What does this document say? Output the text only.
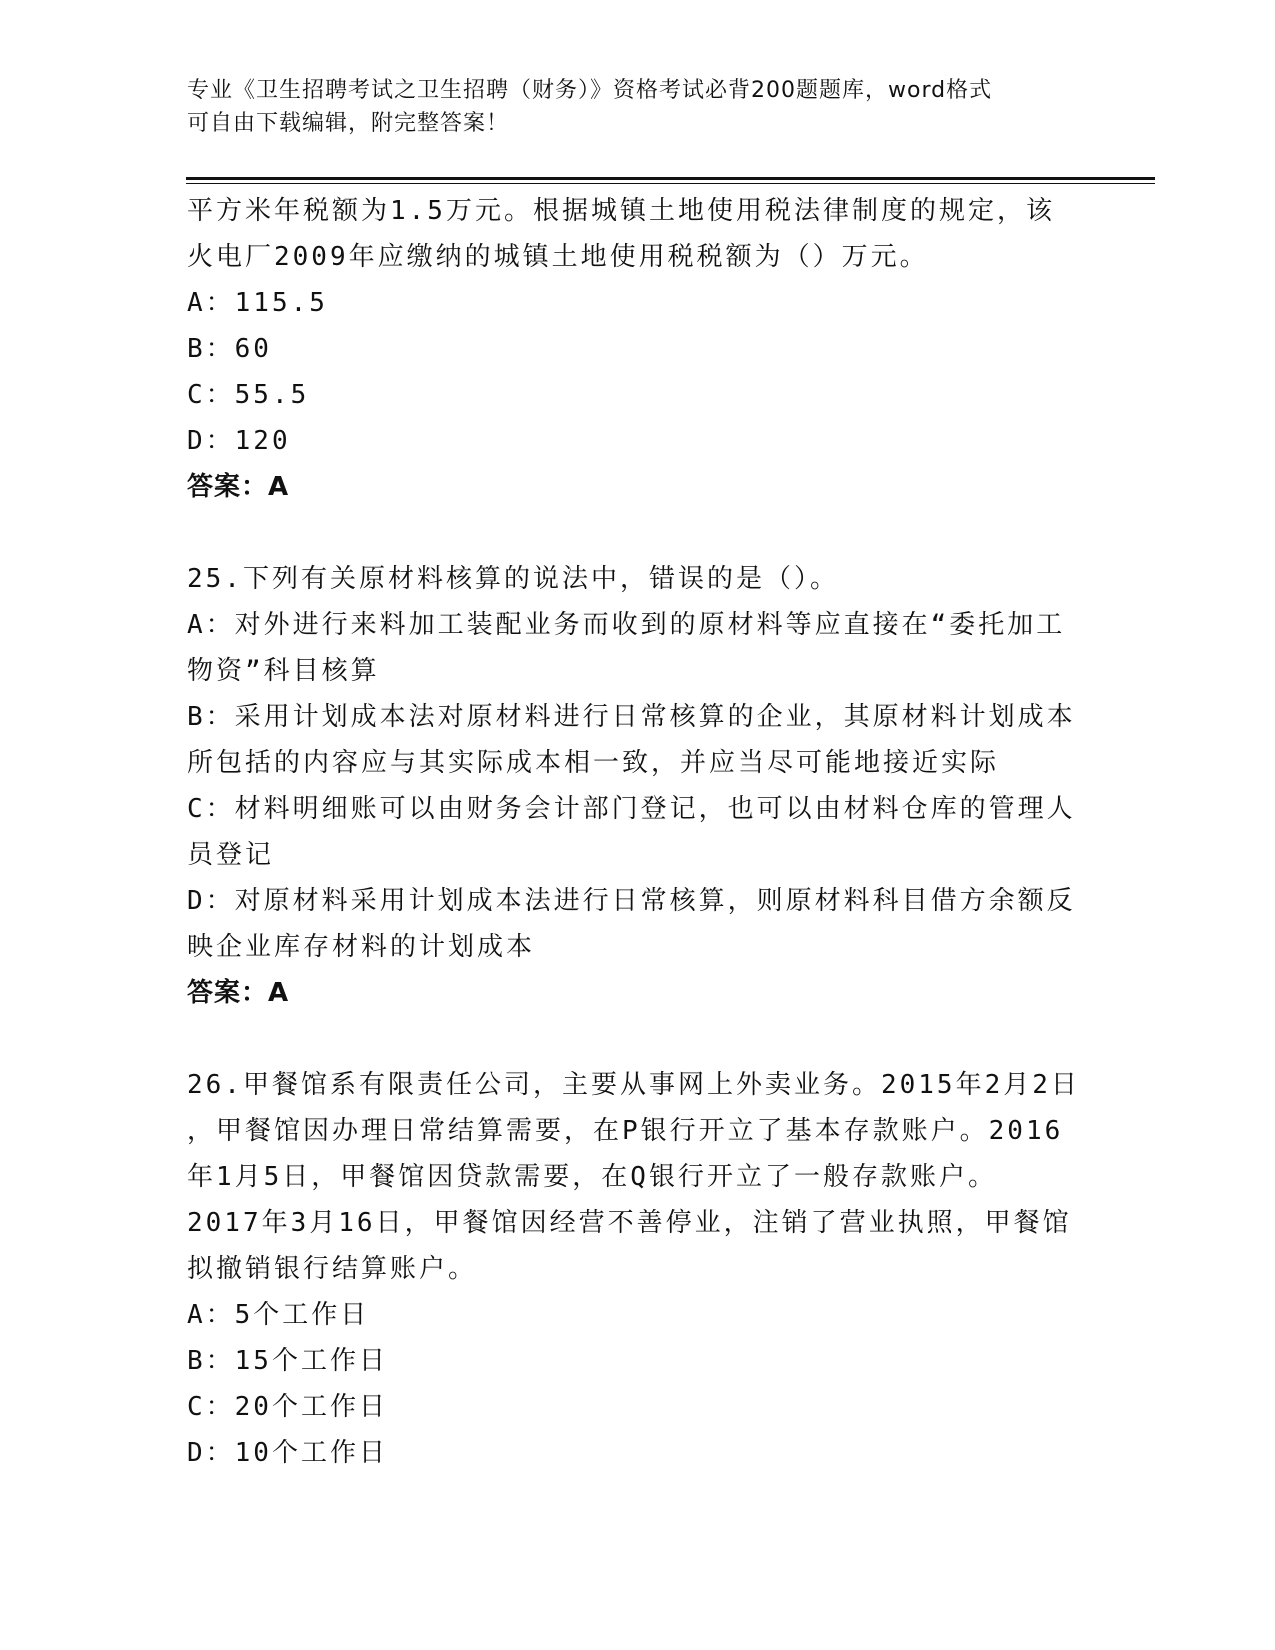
专业《卫生招聘考试之卫生招聘（财务）》资格考试必背200题题库，word格式
可自由下载编辑，附完整答案！
平方米年税额为1.5万元。根据城镇土地使用税法律制度的规定，该
火电厂2009年应缴纳的城镇土地使用税税额为（）万元。
A：115.5
B：60
C：55.5
D：120
答案：A
25.下列有关原材料核算的说法中，错误的是（）。
A：对外进行来料加工装配业务而收到的原材料等应直接在“委托加工
物资”科目核算
B：采用计划成本法对原材料进行日常核算的企业，其原材料计划成本
所包括的内容应与其实际成本相一致，并应当尽可能地接近实际
C：材料明细账可以由财务会计部门登记，也可以由材料仓库的管理人
员登记
D：对原材料采用计划成本法进行日常核算，则原材料科目借方余额反
映企业库存材料的计划成本
答案：A
26.甲餐馆系有限责任公司，主要从事网上外卖业务。2015年2月2日
，甲餐馆因办理日常结算需要，在P银行开立了基本存款账户。2016
年1月5日，甲餐馆因贷款需要，在Q银行开立了一般存款账户。
2017年3月16日，甲餐馆因经营不善停业，注销了营业执照，甲餐馆
拟撤销银行结算账户。
A：5个工作日
B：15个工作日
C：20个工作日
D：10个工作日
